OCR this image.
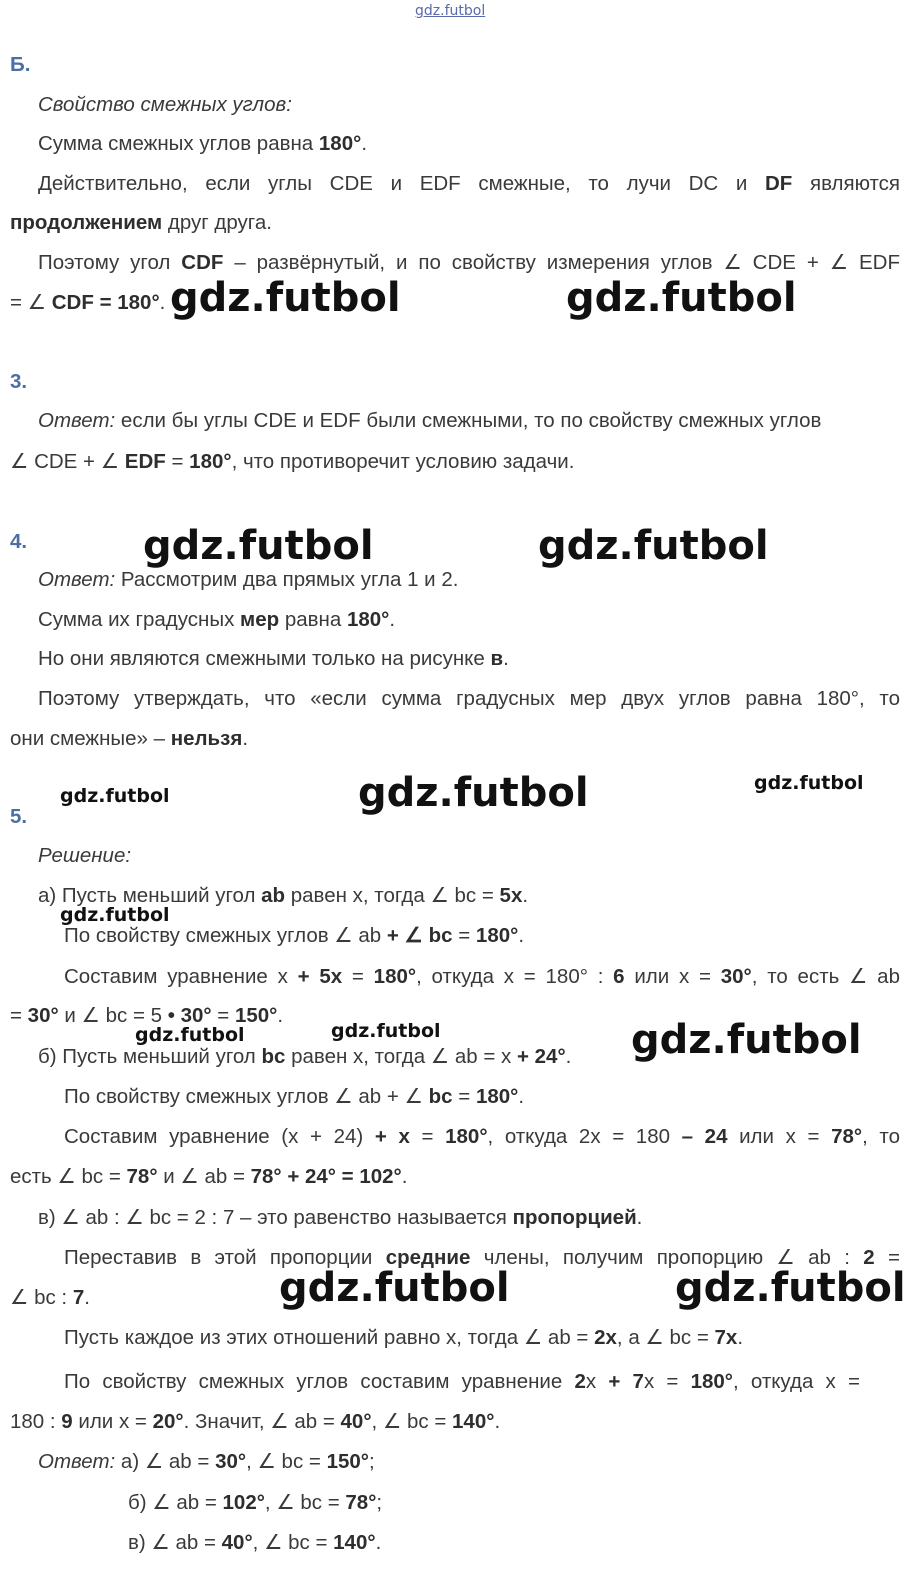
gdz.futbol
Б.
Свойство смежных углов:
Сумма смежных углов равна 180°.
Действительно, если углы CDE и EDF смежные, то лучи DC и DF являются
продолжением друг друга.
Поэтому угол CDF – развёрнутый, и по свойству измерения углов ∠ CDE + ∠ EDF
= ∠ CDF = 180°.
3.
Ответ: если бы углы CDE и EDF были смежными, то по свойству смежных углов
∠ CDE + ∠ EDF = 180°, что противоречит условию задачи.
4.
Ответ: Рассмотрим два прямых угла 1 и 2.
Сумма их градусных мер равна 180°.
Но они являются смежными только на рисунке в.
Поэтому утверждать, что «если сумма градусных мер двух углов равна 180°, то
они смежные» – нельзя.
5.
Решение:
а) Пусть меньший угол ab равен x, тогда ∠ bc = 5x.
По свойству смежных углов ∠ ab + ∠ bc = 180°.
Составим уравнение x + 5x = 180°, откуда x = 180° : 6 или x = 30°, то есть ∠ ab
= 30° и ∠ bc = 5 • 30° = 150°.
б) Пусть меньший угол bc равен x, тогда ∠ ab = x + 24°.
По свойству смежных углов ∠ ab + ∠ bc = 180°.
Составим уравнение (x + 24) + x = 180°, откуда 2x = 180 – 24 или x = 78°, то
есть ∠ bc = 78° и ∠ ab = 78° + 24° = 102°.
в) ∠ ab : ∠ bc = 2 : 7 – это равенство называется пропорцией.
Переставив в этой пропорции средние члены, получим пропорцию ∠ ab : 2 =
∠ bc : 7.
Пусть каждое из этих отношений равно x, тогда ∠ ab = 2x, а ∠ bc = 7x.
По свойству смежных углов составим уравнение 2x + 7x = 180°, откуда x =
180 : 9 или x = 20°. Значит, ∠ ab = 40°, ∠ bc = 140°.
Ответ: а) ∠ ab = 30°, ∠ bc = 150°;
б) ∠ ab = 102°, ∠ bc = 78°;
в) ∠ ab = 40°, ∠ bc = 140°.
gdz.futbol	gdz.futbol
gdz.futbol	gdz.futbol
gdz.futbol	gdz.futbol	gdz.futbol
gdz.futbol
gdz.futbol	gdz.futbol	gdz.futbol
gdz.futbol	gdz.futbol
